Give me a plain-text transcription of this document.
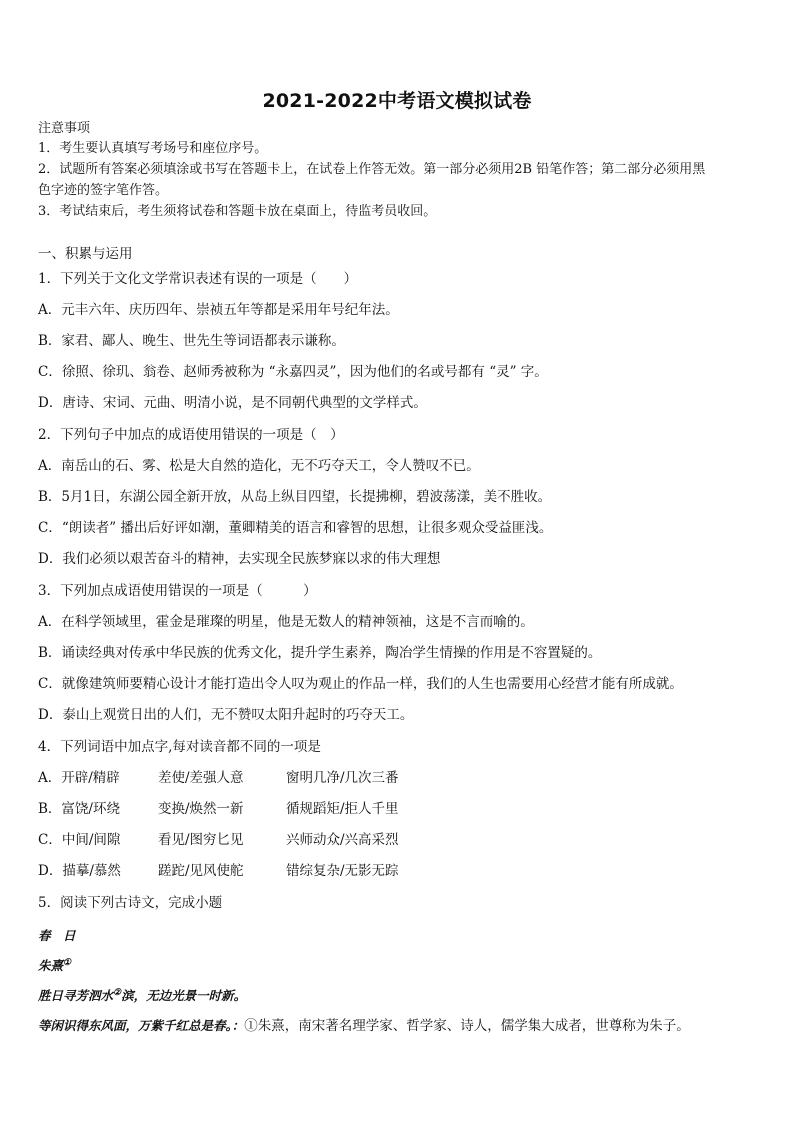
2021-2022中考语文模拟试卷
注意事项
1．考生要认真填写考场号和座位序号。
2．试题所有答案必须填涂或书写在答题卡上，在试卷上作答无效。第一部分必须用2B 铅笔作答；第二部分必须用黑
色字迹的签字笔作答。
3．考试结束后，考生须将试卷和答题卡放在桌面上，待监考员收回。
一、积累与运用
1．下列关于文化文学常识表述有误的一项是（　　）
A．元丰六年、庆历四年、崇祯五年等都是采用年号纪年法。
B．家君、鄙人、晚生、世先生等词语都表示谦称。
C．徐照、徐玑、翁卷、赵师秀被称为 “永嘉四灵”，因为他们的名或号都有 “灵” 字。
D．唐诗、宋词、元曲、明清小说，是不同朝代典型的文学样式。
2．下列句子中加点的成语使用错误的一项是（　）
A．南岳山的石、雾、松是大自然的造化，无不巧夺天工，令人赞叹不已。
B．5月1日，东湖公园全新开放，从岛上纵目四望，长提拂柳，碧波荡漾，美不胜收。
C．“朗读者” 播出后好评如潮，董卿精美的语言和睿智的思想，让很多观众受益匪浅。
D．我们必须以艰苦奋斗的精神，去实现全民族梦寐以求的伟大理想
3．下列加点成语使用错误的一项是（　　　）
A．在科学领域里，霍金是璀璨的明星，他是无数人的精神领袖，这是不言而喻的。
B．诵读经典对传承中华民族的优秀文化，提升学生素养，陶冶学生情操的作用是不容置疑的。
C．就像建筑师要精心设计才能打造出令人叹为观止的作品一样，我们的人生也需要用心经营才能有所成就。
D．泰山上观赏日出的人们，无不赞叹太阳升起时的巧夺天工。
4．下列词语中加点字,每对读音都不同的一项是
A．开辟/精辟	差使/差强人意	窗明几净/几次三番
B．富饶/环绕	变换/焕然一新	循规蹈矩/拒人千里
C．中间/间隙	看见/图穷匕见	兴师动众/兴高采烈
D．描摹/慕然	蹉跎/见风使舵	错综复杂/无影无踪
5．阅读下列古诗文，完成小题
春　日
朱熹①
胜日寻芳泗水②滨，无边光景一时新。
等闲识得东风面，万紫千红总是春。：①朱熹，南宋著名理学家、哲学家、诗人，儒学集大成者，世尊称为朱子。
